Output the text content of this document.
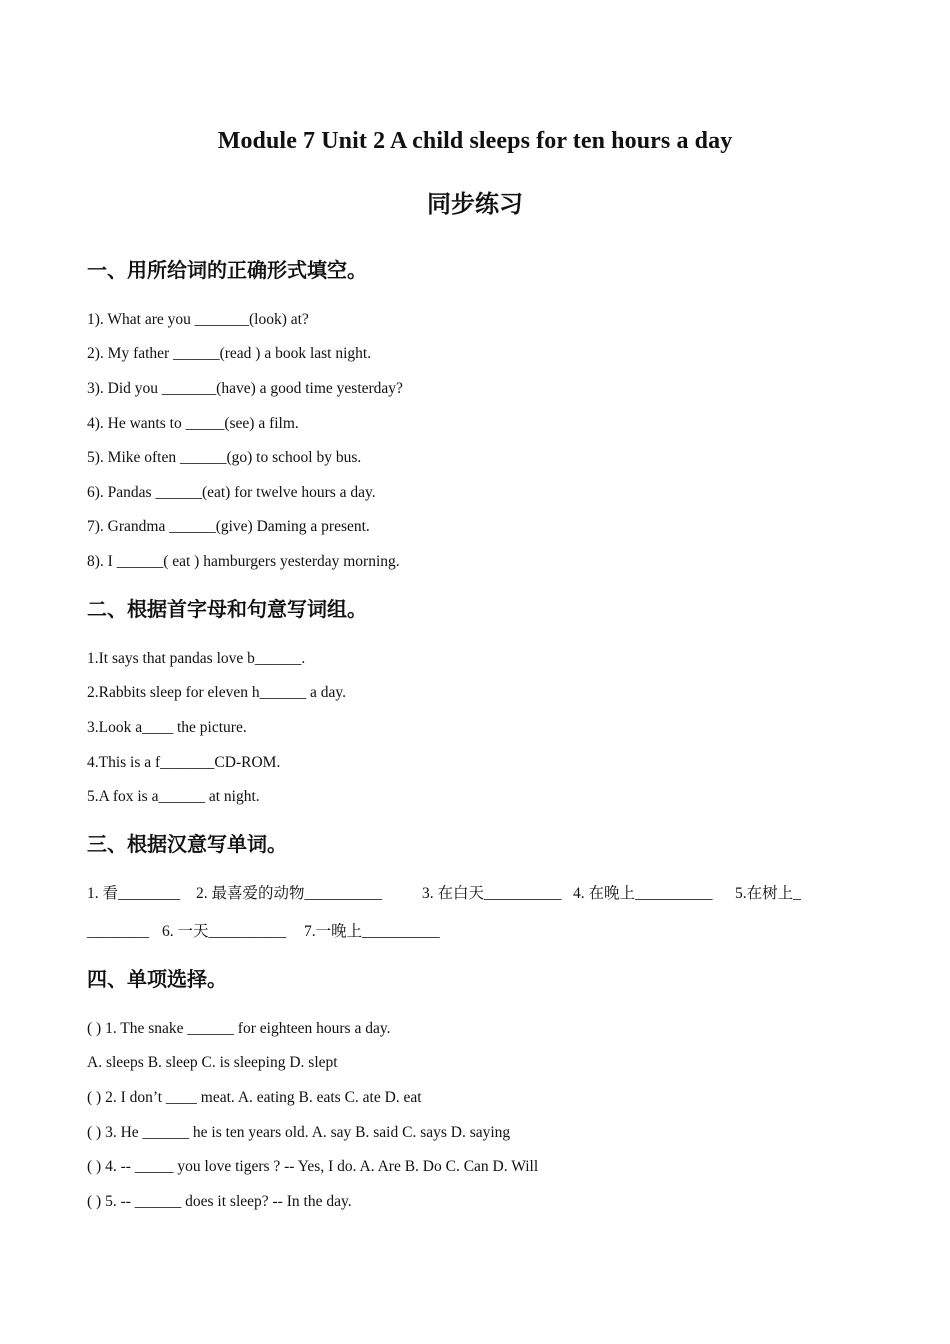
Module 7 Unit 2 A child sleeps for ten hours a day
同步练习
一、用所给词的正确形式填空。
1). What are you _______(look) at?
2). My father ______(read ) a book last night.
3). Did you _______(have) a good time yesterday?
4). He wants to _____(see) a film.
5). Mike often ______(go) to school by bus.
6). Pandas ______(eat) for twelve hours a day.
7). Grandma ______(give) Daming a present.
8). I ______( eat ) hamburgers yesterday morning.
二、根据首字母和句意写词组。
1.It says that pandas love b______.
2.Rabbits sleep for eleven h______ a day.
3.Look a____ the picture.
4.This is a f_______CD-ROM.
5.A fox is a______ at night.
三、根据汉意写单词。
1. 看________ 2. 最喜爱的动物__________	3. 在白天__________ 4. 在晚上__________ 5.在树上_
________ 6. 一天__________ 7.一晚上__________
四、单项选择。
( ) 1. The snake ______ for eighteen hours a day.
A. sleeps B. sleep C. is sleeping D. slept
( ) 2. I don’t ____ meat. A. eating B. eats C. ate D. eat
( ) 3. He ______ he is ten years old. A. say B. said C. says D. saying
( ) 4. -- _____ you love tigers ? -- Yes, I do. A. Are B. Do C. Can D. Will
( ) 5. -- ______ does it sleep? -- In the day.
